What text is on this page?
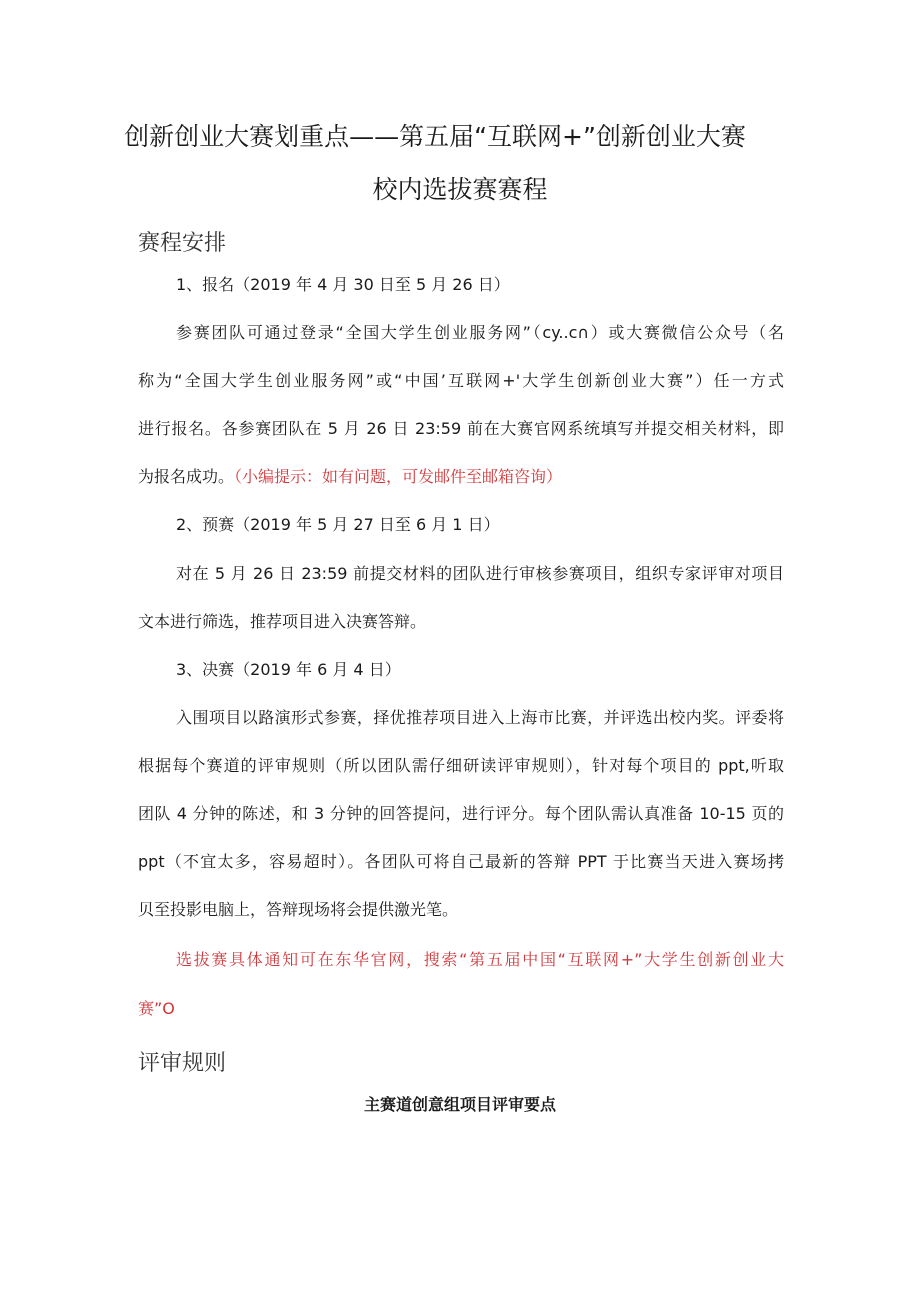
创新创业大赛划重点——第五届“互联网+”创新创业大赛
校内选拔赛赛程
赛程安排
1、报名（2019 年 4 月 30 日至 5 月 26 日）
参赛团队可通过登录“全国大学生创业服务网”（cy..c∩）或大赛微信公众号（名
称为“全国大学生创业服务网”或“中国’互联网+'大学生创新创业大赛”）任一方式
进行报名。各参赛团队在 5 月 26 日 23:59 前在大赛官网系统填写并提交相关材料，即
为报名成功。（小编提示：如有问题，可发邮件至邮箱咨询）
2、预赛（2019 年 5 月 27 日至 6 月 1 日）
对在 5 月 26 日 23:59 前提交材料的团队进行审核参赛项目，组织专家评审对项目
文本进行筛选，推荐项目进入决赛答辩。
3、决赛（2019 年 6 月 4 日）
入围项目以路演形式参赛，择优推荐项目进入上海市比赛，并评选出校内奖。评委将
根据每个赛道的评审规则（所以团队需仔细研读评审规则），针对每个项目的 ppt,听取
团队 4 分钟的陈述，和 3 分钟的回答提问，进行评分。每个团队需认真准备 10-15 页的
ppt（不宜太多，容易超时）。各团队可将自己最新的答辩 PPT 于比赛当天进入赛场拷
贝至投影电脑上，答辩现场将会提供激光笔。
选拔赛具体通知可在东华官网，搜索“第五届中国“互联网+”大学生创新创业大
赛”O
评审规则
主赛道创意组项目评审要点
